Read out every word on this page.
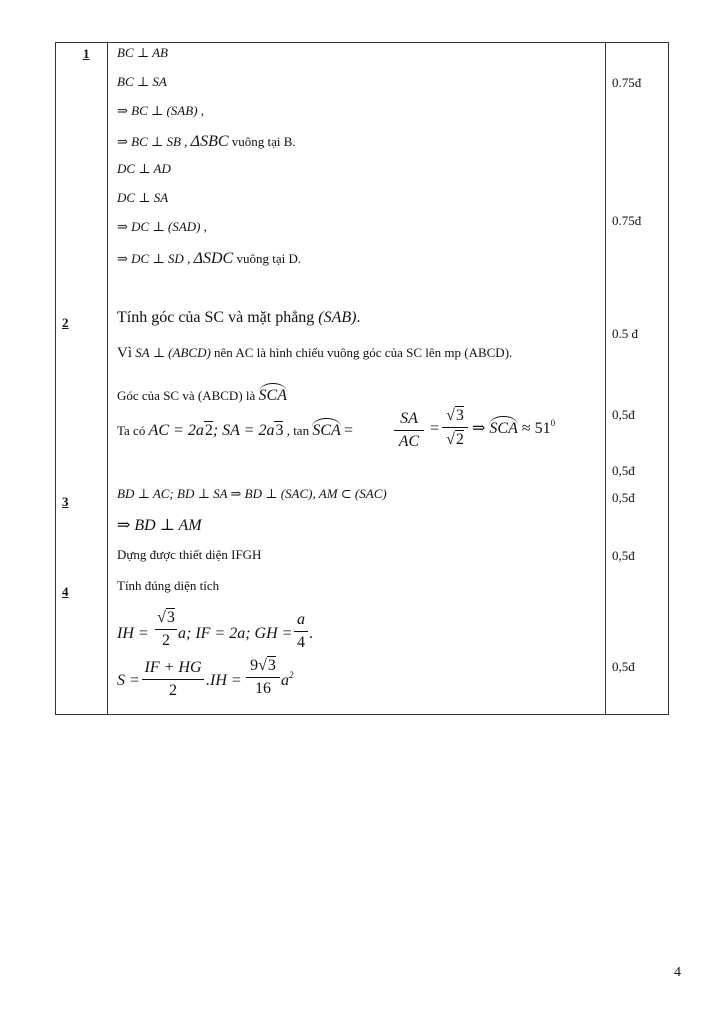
1
2
3
4
BC ⊥ AB
BC ⊥ SA
⇒ BC ⊥ (SAB) ,
⇒ BC ⊥ SB , ΔSBC vuông tại B.
DC ⊥ AD
DC ⊥ SA
⇒ DC ⊥ (SAD) ,
⇒ DC ⊥ SD , ΔSDC vuông tại D.
Tính góc của SC và mặt phẳng (SAB).
Vì SA ⊥ (ABCD) nên AC là hình chiếu vuông góc của SC lên mp (ABCD).
Góc của SC và (ABCD) là SCA
Ta có AC = 2a2; SA = 2a3 , tan SCA =
SA
AC
=
√3
√2
⇒ SCA ≈ $51^0$
BD ⊥ AC; BD ⊥ SA ⇒ BD ⊥ (SAC), AM ⊂ (SAC)
⇒ BD ⊥ AM
Dựng được thiết diện IFGH
Tính đúng diện tích
IH =
√3
2 a; IF = 2a; GH =
a
4
.
S =
IF + HG
2
.IH =
9√3
16 $a^2$
0.75đ
0.75đ
0.5 đ
0,5đ
0,5đ
0,5đ
0,5đ
0,5đ
4
